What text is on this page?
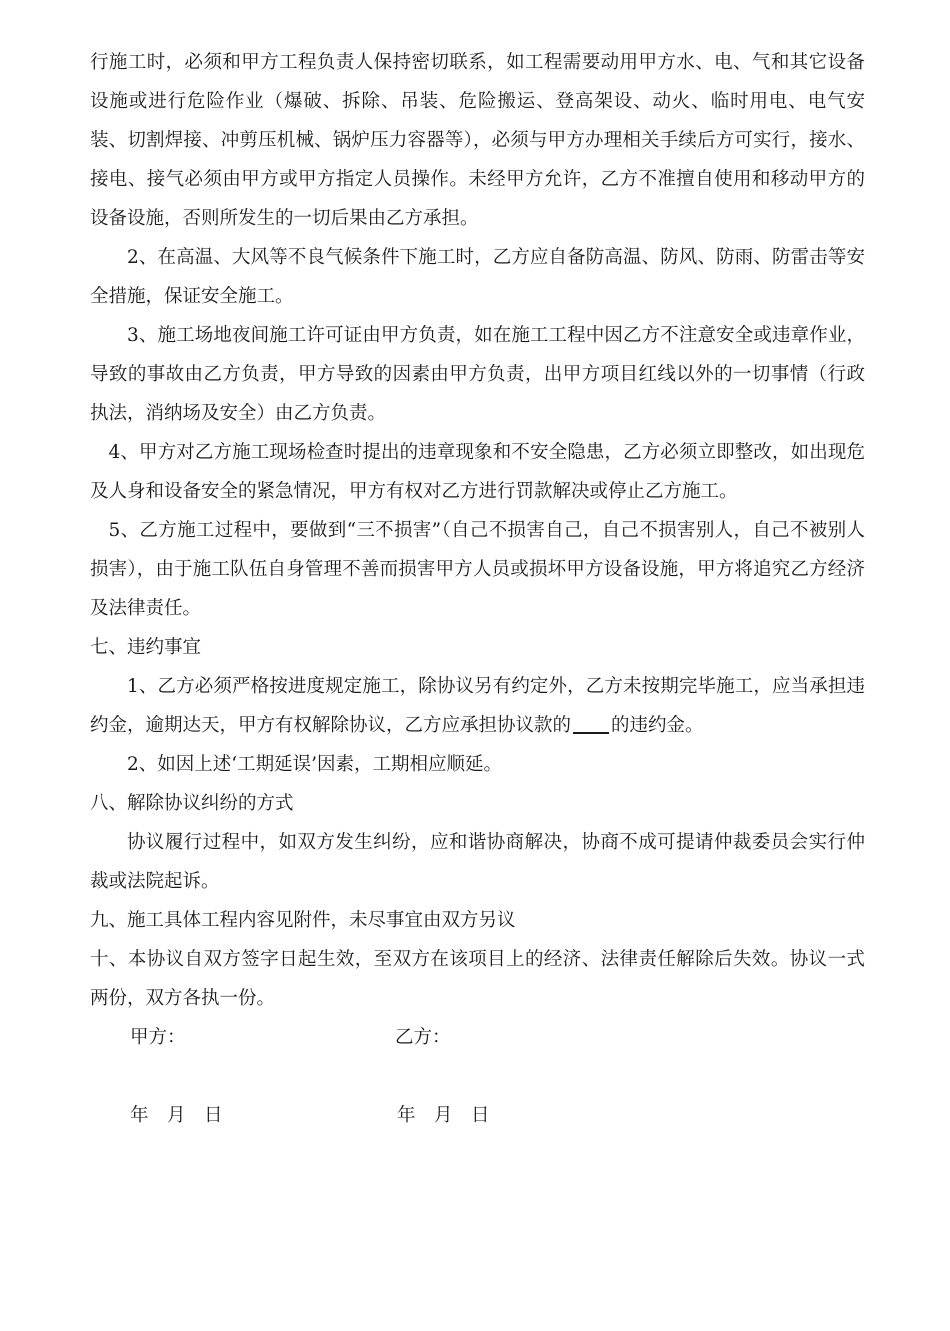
行施工时，必须和甲方工程负责人保持密切联系，如工程需要动用甲方水、电、气和其它设备设施或进行危险作业（爆破、拆除、吊装、危险搬运、登高架设、动火、临时用电、电气安装、切割焊接、冲剪压机械、锅炉压力容器等），必须与甲方办理相关手续后方可实行，接水、接电、接气必须由甲方或甲方指定人员操作。未经甲方允许，乙方不准擅自使用和移动甲方的设备设施，否则所发生的一切后果由乙方承担。

2、在高温、大风等不良气候条件下施工时，乙方应自备防高温、防风、防雨、防雷击等安全措施，保证安全施工。

3、施工场地夜间施工许可证由甲方负责，如在施工工程中因乙方不注意安全或违章作业，导致的事故由乙方负责，甲方导致的因素由甲方负责，出甲方项目红线以外的一切事情（行政执法，消纳场及安全）由乙方负责。

4、甲方对乙方施工现场检查时提出的违章现象和不安全隐患，乙方必须立即整改，如出现危及人身和设备安全的紧急情况，甲方有权对乙方进行罚款解决或停止乙方施工。

5、乙方施工过程中，要做到“三不损害”（自己不损害自己，自己不损害别人，自己不被别人损害），由于施工队伍自身管理不善而损害甲方人员或损坏甲方设备设施，甲方将追究乙方经济及法律责任。

七、违约事宜

1、乙方必须严格按进度规定施工，除协议另有约定外，乙方未按期完毕施工，应当承担违约金，逾期达天，甲方有权解除协议，乙方应承担协议款的 的违约金。

2、如因上述‘工期延误’因素，工期相应顺延。

八、解除协议纠纷的方式

协议履行过程中，如双方发生纠纷，应和谐协商解决，协商不成可提请仲裁委员会实行仲裁或法院起诉。

九、施工具体工程内容见附件，未尽事宜由双方另议

十、本协议自双方签字日起生效，至双方在该项目上的经济、法律责任解除后失效。协议一式两份，双方各执一份。

甲方：	乙方：
年　月　日	年　月　日
